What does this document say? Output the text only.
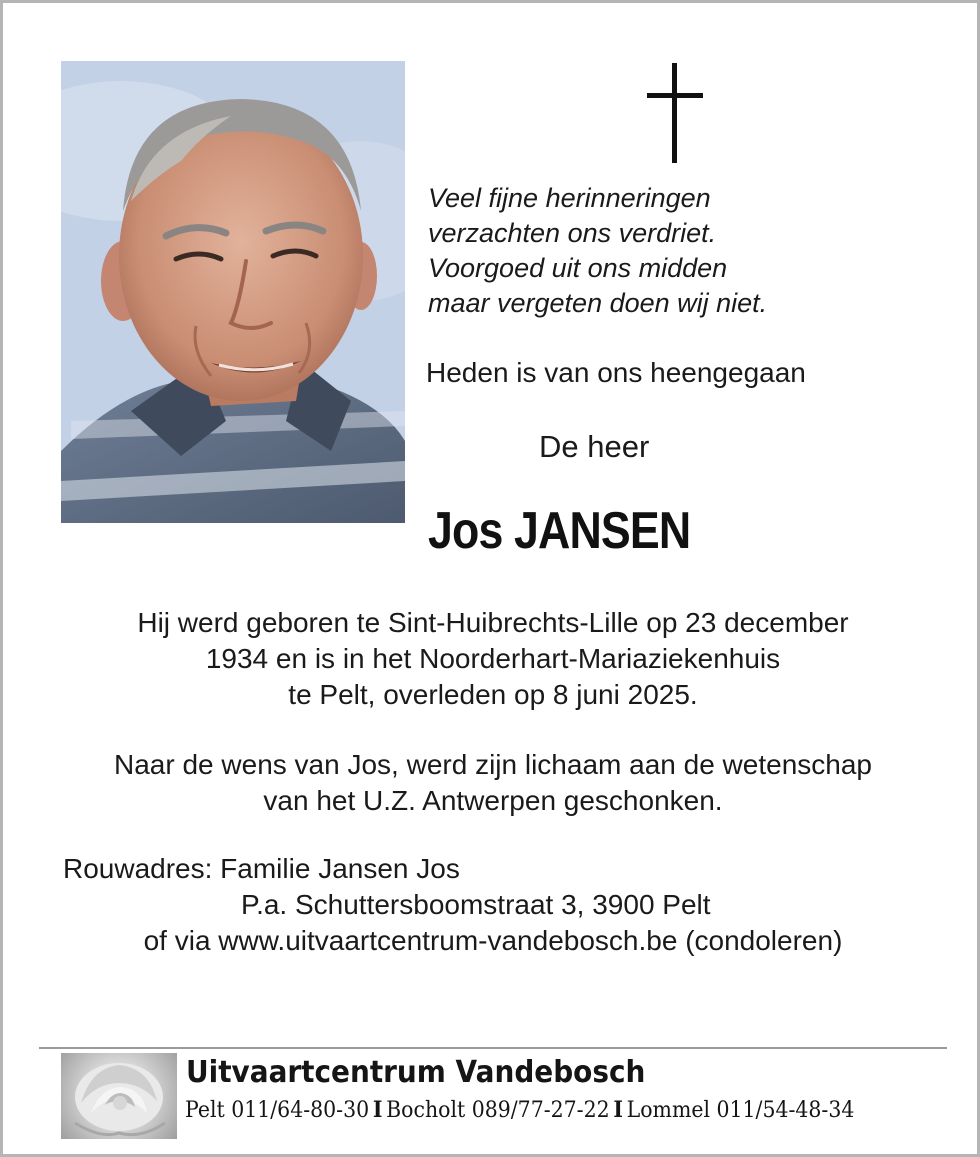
Veel fijne herinneringen
verzachten ons verdriet.
Voorgoed uit ons midden
maar vergeten doen wij niet.
Heden is van ons heengegaan
De heer
Jos JANSEN
Hij werd geboren te Sint-Huibrechts-Lille op 23 december
1934 en is in het Noorderhart-Mariaziekenhuis
te Pelt, overleden op 8 juni 2025.
Naar de wens van Jos, werd zijn lichaam aan de wetenschap
van het U.Z. Antwerpen geschonken.
Rouwadres: Familie Jansen Jos
P.a. Schuttersboomstraat 3, 3900 Pelt
of via www.uitvaartcentrum-vandebosch.be (condoleren)
Uitvaartcentrum Vandebosch
Pelt 011/64-80-30 I Bocholt 089/77-27-22 I Lommel 011/54-48-34
